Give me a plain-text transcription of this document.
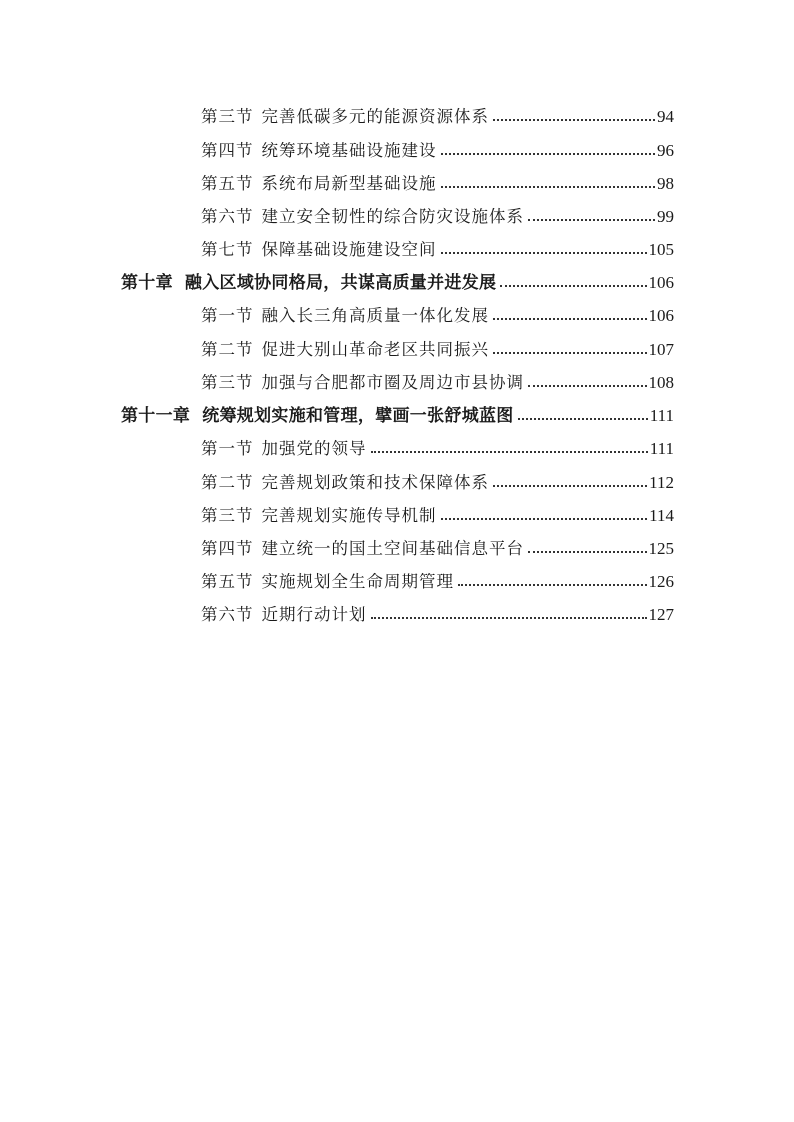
第三节 完善低碳多元的能源资源体系	94
第四节 统筹环境基础设施建设	96
第五节 系统布局新型基础设施	98
第六节 建立安全韧性的综合防灾设施体系	99
第七节 保障基础设施建设空间	105
第十章 融入区域协同格局，共谋高质量并进发展	106
第一节 融入长三角高质量一体化发展	106
第二节 促进大别山革命老区共同振兴	107
第三节 加强与合肥都市圈及周边市县协调	108
第十一章 统筹规划实施和管理，擘画一张舒城蓝图	111
第一节 加强党的领导	111
第二节 完善规划政策和技术保障体系	112
第三节 完善规划实施传导机制	114
第四节 建立统一的国土空间基础信息平台	125
第五节 实施规划全生命周期管理	126
第六节 近期行动计划	127
